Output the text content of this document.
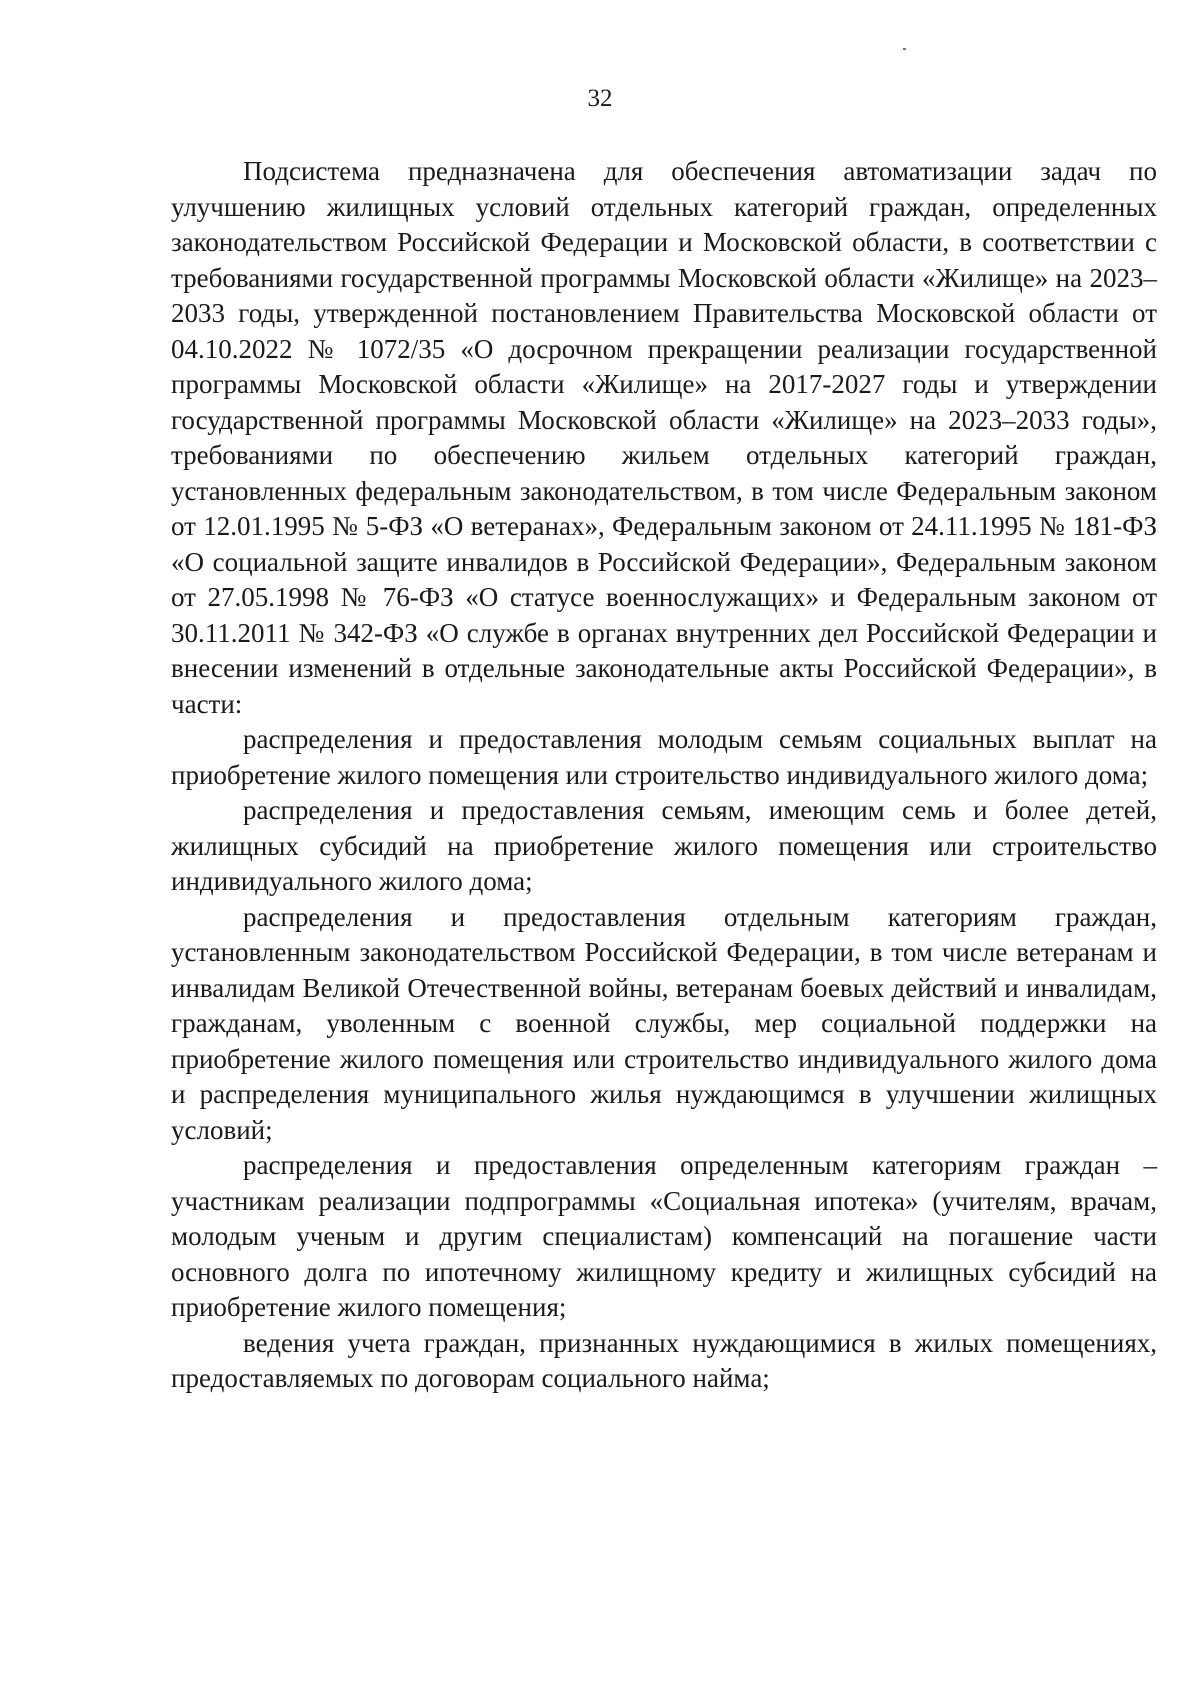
32

Подсистема предназначена для обеспечения автоматизации задач по улучшению жилищных условий отдельных категорий граждан, определенных законодательством Российской Федерации и Московской области, в соответствии с требованиями государственной программы Московской области «Жилище» на 2023–2033 годы, утвержденной постановлением Правительства Московской области от 04.10.2022 № 1072/35 «О досрочном прекращении реализации государственной программы Московской области «Жилище» на 2017-2027 годы и утверждении государственной программы Московской области «Жилище» на 2023–2033 годы», требованиями по обеспечению жильем отдельных категорий граждан, установленных федеральным законодательством, в том числе Федеральным законом от 12.01.1995 № 5-ФЗ «О ветеранах», Федеральным законом от 24.11.1995 № 181-ФЗ «О социальной защите инвалидов в Российской Федерации», Федеральным законом от 27.05.1998 № 76-ФЗ «О статусе военнослужащих» и Федеральным законом от 30.11.2011 № 342-ФЗ «О службе в органах внутренних дел Российской Федерации и внесении изменений в отдельные законодательные акты Российской Федерации», в части:

распределения и предоставления молодым семьям социальных выплат на приобретение жилого помещения или строительство индивидуального жилого дома;

распределения и предоставления семьям, имеющим семь и более детей, жилищных субсидий на приобретение жилого помещения или строительство индивидуального жилого дома;

распределения и предоставления отдельным категориям граждан, установленным законодательством Российской Федерации, в том числе ветеранам и инвалидам Великой Отечественной войны, ветеранам боевых действий и инвалидам, гражданам, уволенным с военной службы, мер социальной поддержки на приобретение жилого помещения или строительство индивидуального жилого дома и распределения муниципального жилья нуждающимся в улучшении жилищных условий;

распределения и предоставления определенным категориям граждан – участникам реализации подпрограммы «Социальная ипотека» (учителям, врачам, молодым ученым и другим специалистам) компенсаций на погашение части основного долга по ипотечному жилищному кредиту и жилищных субсидий на приобретение жилого помещения;

ведения учета граждан, признанных нуждающимися в жилых помещениях, предоставляемых по договорам социального найма;
